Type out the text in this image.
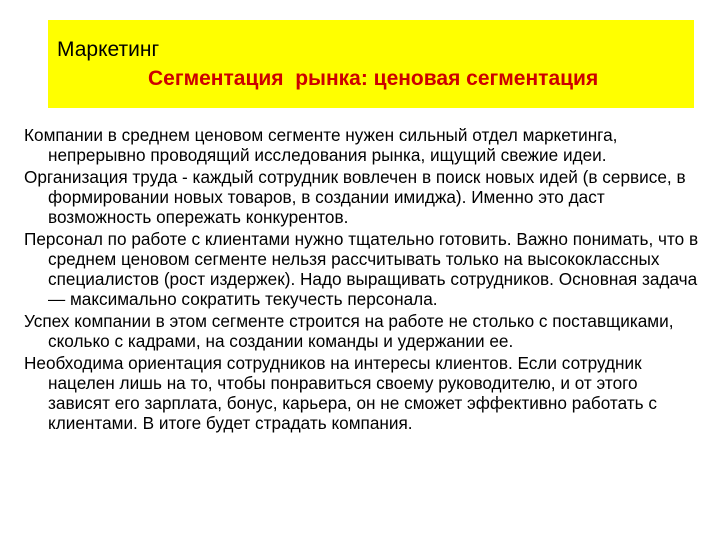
Маркетинг
Сегментация  рынка: ценовая сегментация
Компании в среднем ценовом сегменте нужен сильный отдел маркетинга, непрерывно проводящий исследования рынка, ищущий свежие идеи.
Организация труда - каждый сотрудник вовлечен в поиск новых идей (в сервисе, в формировании новых товаров, в создании имиджа). Именно это даст возможность опережать конкурентов.
Персонал по работе с клиентами нужно тщательно готовить. Важно понимать, что в среднем ценовом сегменте нельзя рассчитывать только на высококлассных специалистов (рост издержек). Надо выращивать сотрудников. Основная задача — максимально сократить текучесть персонала.
Успех компании в этом сегменте строится на работе не столько с поставщиками, сколько с кадрами, на создании команды и удержании ее.
Необходима ориентация сотрудников на интересы клиентов. Если сотрудник нацелен лишь на то, чтобы понравиться своему руководителю, и от этого зависят его зарплата, бонус, карьера, он не сможет эффективно работать с клиентами. В итоге будет страдать компания.
